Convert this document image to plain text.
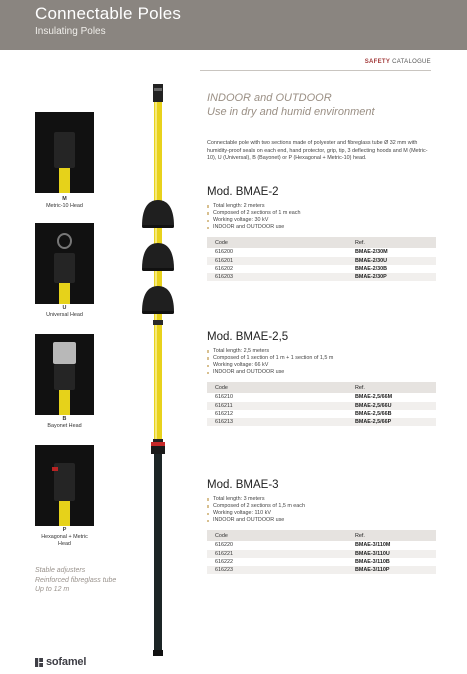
Connectable Poles
Insulating Poles
SAFETY CATALOGUE
M
Metric-10 Head
U
Universal Head
B
Bayonet Head
P
Hexagonal + Metric Head
INDOOR and OUTDOOR
Use in dry and humid environment
Connectable pole with two sections made of polyester and fibreglass tube Ø 32 mm with humidity-proof seals on each end, hand protector, grip, tip, 3 deflecting hoods and M (Metric-10), U (Universal), B (Bayonet) or P (Hexagonal + Metric-10) head.
Mod. BMAE-2
Total length: 2 meters
Composed of 2 sections of 1 m each
Working voltage: 30 kV
INDOOR and OUTDOOR use
Code	Ref.
616200	BMAE-2/30M
616201	BMAE-2/30U
616202	BMAE-2/30B
616203	BMAE-2/30P
Mod. BMAE-2,5
Total length: 2,5 meters
Composed of 1 section of 1 m + 1 section of 1,5 m
Working voltage: 66 kV
INDOOR and OUTDOOR use
Code	Ref.
616210	BMAE-2,5/66M
616211	BMAE-2,5/66U
616212	BMAE-2,5/66B
616213	BMAE-2,5/66P
Mod. BMAE-3
Total length: 3 meters
Composed of 2 sections of 1,5 m each
Working voltage: 110 kV
INDOOR and OUTDOOR use
Code	Ref.
616220	BMAE-3/110M
616221	BMAE-3/110U
616222	BMAE-3/110B
616223	BMAE-3/110P
Stable adjusters
Reinforced fibreglass tube
Up to 12 m
sofamel
